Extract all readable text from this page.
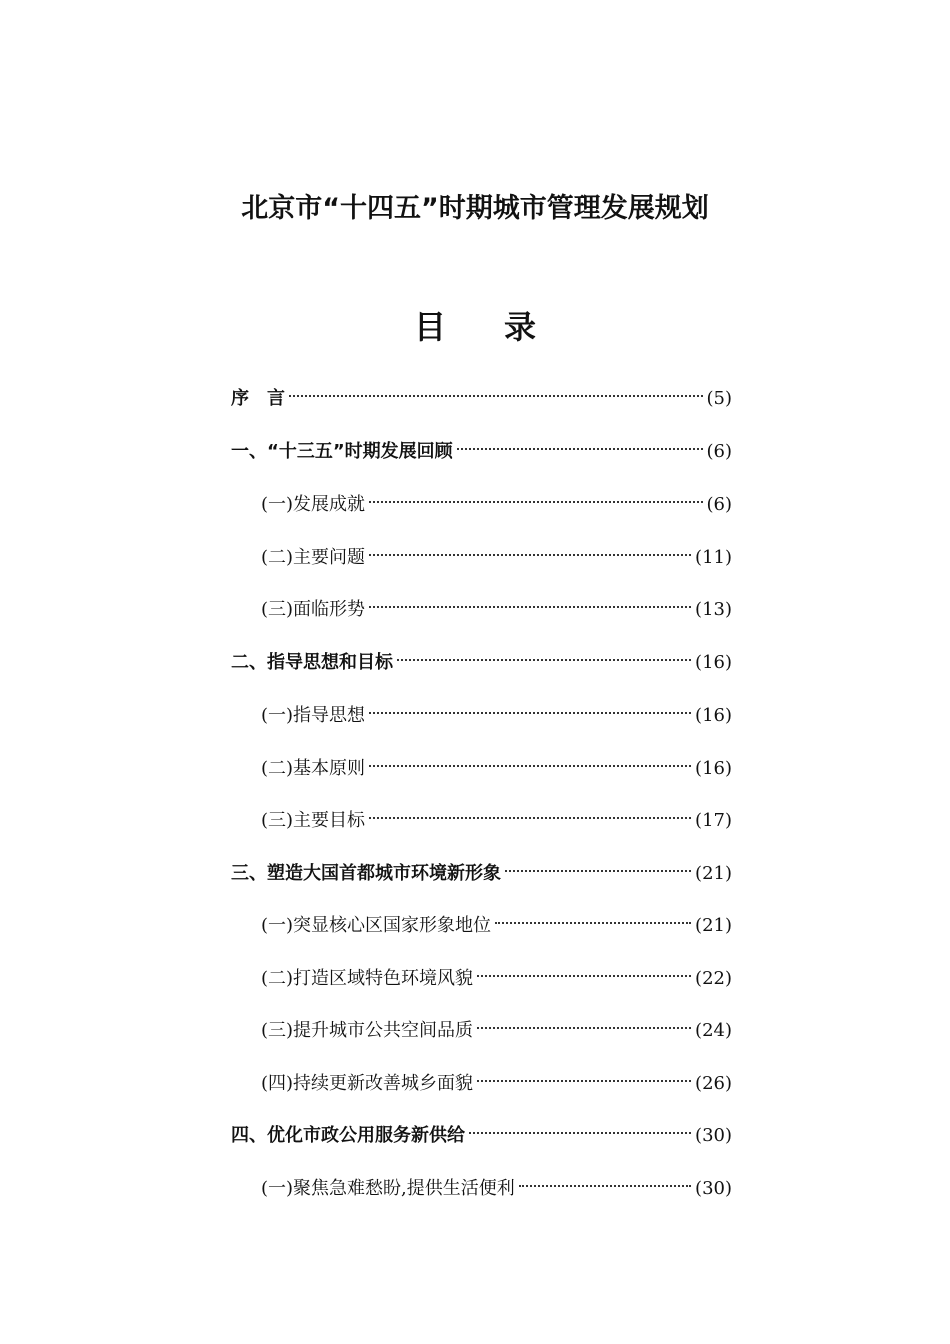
北京市“十四五”时期城市管理发展规划
目 录
序　言	(5)
一、“十三五”时期发展回顾	(6)
(一)发展成就	(6)
(二)主要问题	(11)
(三)面临形势	(13)
二、指导思想和目标	(16)
(一)指导思想	(16)
(二)基本原则	(16)
(三)主要目标	(17)
三、塑造大国首都城市环境新形象	(21)
(一)突显核心区国家形象地位	(21)
(二)打造区域特色环境风貌	(22)
(三)提升城市公共空间品质	(24)
(四)持续更新改善城乡面貌	(26)
四、优化市政公用服务新供给	(30)
(一)聚焦急难愁盼,提供生活便利	(30)
